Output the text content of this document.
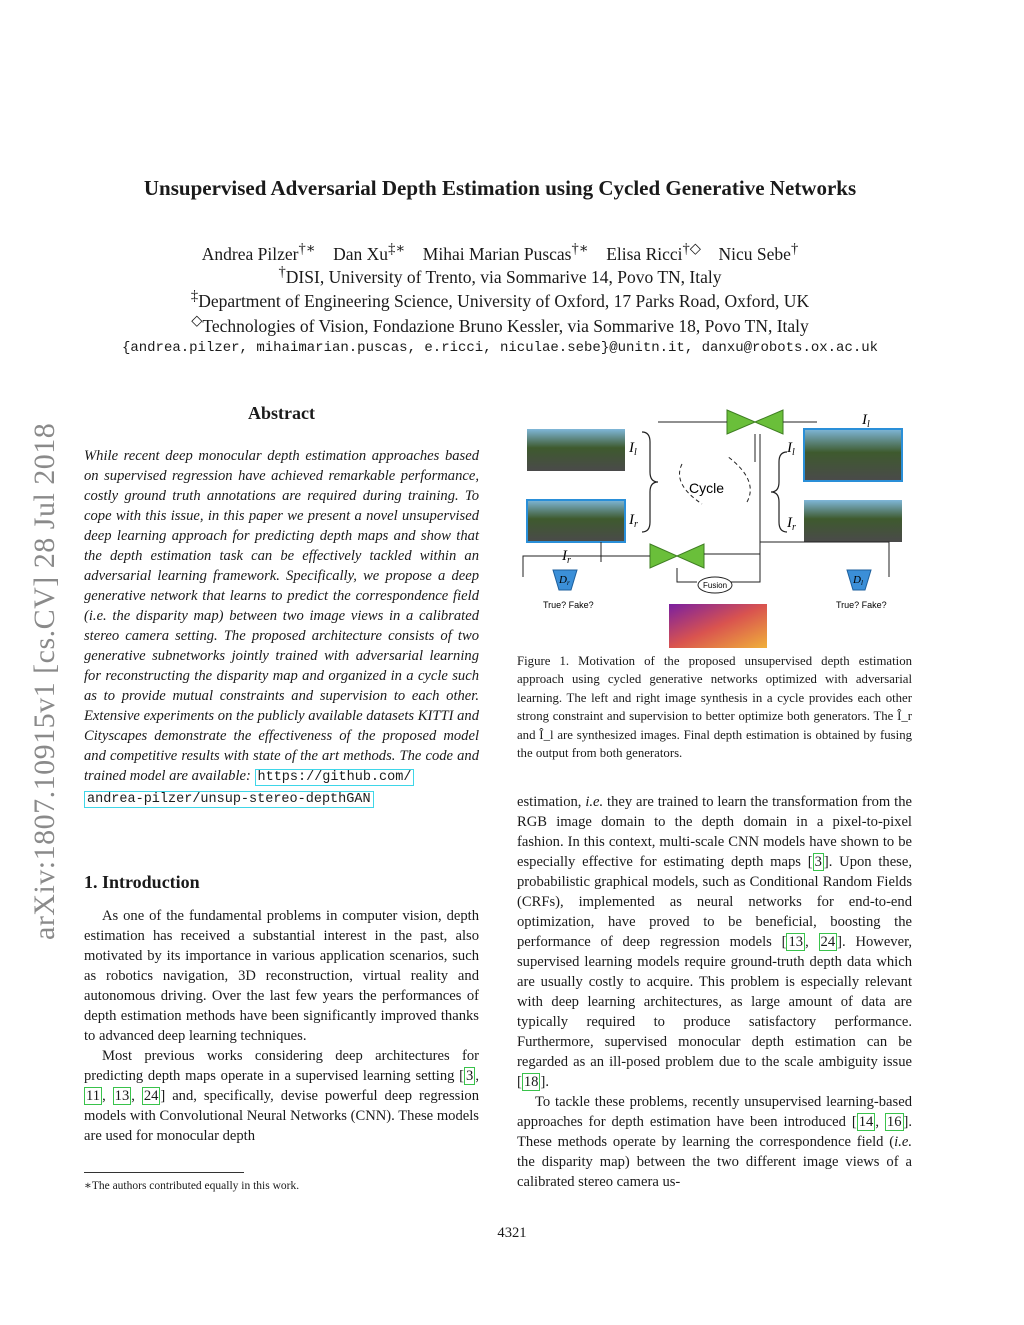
Unsupervised Adversarial Depth Estimation using Cycled Generative Networks
Andrea Pilzer†∗ Dan Xu‡∗ Mihai Marian Puscas†∗ Elisa Ricci†◇ Nicu Sebe†
†DISI, University of Trento, via Sommarive 14, Povo TN, Italy
‡Department of Engineering Science, University of Oxford, 17 Parks Road, Oxford, UK
◇Technologies of Vision, Fondazione Bruno Kessler, via Sommarive 18, Povo TN, Italy
{andrea.pilzer, mihaimarian.puscas, e.ricci, niculae.sebe}@unitn.it, danxu@robots.ox.ac.uk
arXiv:1807.10915v1 [cs.CV] 28 Jul 2018
Abstract
While recent deep monocular depth estimation approaches based on supervised regression have achieved remarkable performance, costly ground truth annotations are required during training. To cope with this issue, in this paper we present a novel unsupervised deep learning approach for predicting depth maps and show that the depth estimation task can be effectively tackled within an adversarial learning framework. Specifically, we propose a deep generative network that learns to predict the correspondence field (i.e. the disparity map) between two image views in a calibrated stereo camera setting. The proposed architecture consists of two generative subnetworks jointly trained with adversarial learning for reconstructing the disparity map and organized in a cycle such as to provide mutual constraints and supervision to each other. Extensive experiments on the publicly available datasets KITTI and Cityscapes demonstrate the effectiveness of the proposed model and competitive results with state of the art methods. The code and trained model are available: https://github.com/
andrea-pilzer/unsup-stereo-depthGAN
1. Introduction

As one of the fundamental problems in computer vision, depth estimation has received a substantial interest in the past, also motivated by its importance in various application scenarios, such as robotics navigation, 3D reconstruction, virtual reality and autonomous driving. Over the last few years the performances of depth estimation methods have been significantly improved thanks to advanced deep learning techniques.

Most previous works considering deep architectures for predicting depth maps operate in a supervised learning setting [ 3 , 11 , 13 , 24 ] and, specifically, devise powerful deep regression models with Convolutional Neural Networks (CNN). These models are used for monocular depth

∗The authors contributed equally in this work.
$I_l$
$I_r$
$I_l$
$I_r$
$I_l$
$I_r$
Cycle
Fusion
Dr
True? Fake?
Dl
True? Fake?
Figure 1. Motivation of the proposed unsupervised depth estimation approach using cycled generative networks optimized with adversarial learning. The left and right image synthesis in a cycle provides each other strong constraint and supervision to better optimize both generators. The Î_r and Î_l are synthesized images. Final depth estimation is obtained by fusing the output from both generators.

estimation, i.e. they are trained to learn the transformation from the RGB image domain to the depth domain in a pixel-to-pixel fashion. In this context, multi-scale CNN models have shown to be especially effective for estimating depth maps [ 3 ]. Upon these, probabilistic graphical models, such as Conditional Random Fields (CRFs), implemented as neural networks for end-to-end optimization, have proved to be beneficial, boosting the performance of deep regression models [ 13 , 24 ]. However, supervised learning models require ground-truth depth data which are usually costly to acquire. This problem is especially relevant with deep learning architectures, as large amount of data are typically required to produce satisfactory performance. Furthermore, supervised monocular depth estimation can be regarded as an ill-posed problem due to the scale ambiguity issue [ 18 ].

To tackle these problems, recently unsupervised learning-based approaches for depth estimation have been introduced [ 14 , 16 ]. These methods operate by learning the correspondence field (i.e. the disparity map) between the two different image views of a calibrated stereo camera us-

4321
